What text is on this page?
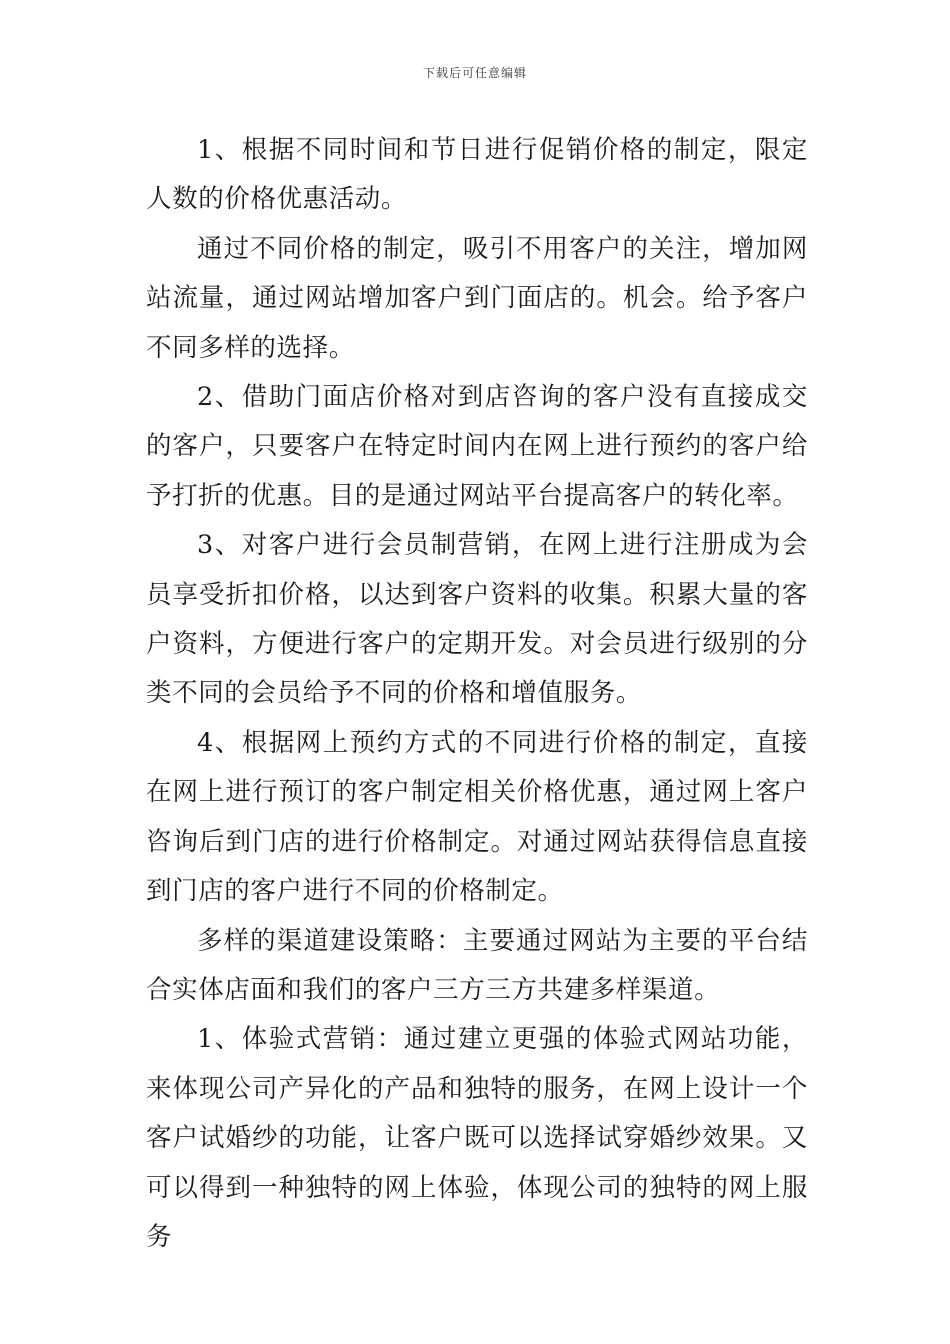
下载后可任意编辑

1、根据不同时间和节日进行促销价格的制定，限定人数的价格优惠活动。

通过不同价格的制定，吸引不用客户的关注，增加网站流量，通过网站增加客户到门面店的。机会。给予客户不同多样的选择。

2、借助门面店价格对到店咨询的客户没有直接成交的客户，只要客户在特定时间内在网上进行预约的客户给予打折的优惠。目的是通过网站平台提高客户的转化率。

3、对客户进行会员制营销，在网上进行注册成为会员享受折扣价格，以达到客户资料的收集。积累大量的客户资料，方便进行客户的定期开发。对会员进行级别的分类不同的会员给予不同的价格和增值服务。

4、根据网上预约方式的不同进行价格的制定，直接在网上进行预订的客户制定相关价格优惠，通过网上客户咨询后到门店的进行价格制定。对通过网站获得信息直接到门店的客户进行不同的价格制定。

多样的渠道建设策略：主要通过网站为主要的平台结合实体店面和我们的客户三方三方共建多样渠道。

1、体验式营销：通过建立更强的体验式网站功能，来体现公司产异化的产品和独特的服务，在网上设计一个客户试婚纱的功能，让客户既可以选择试穿婚纱效果。又可以得到一种独特的网上体验，体现公司的独特的网上服务
